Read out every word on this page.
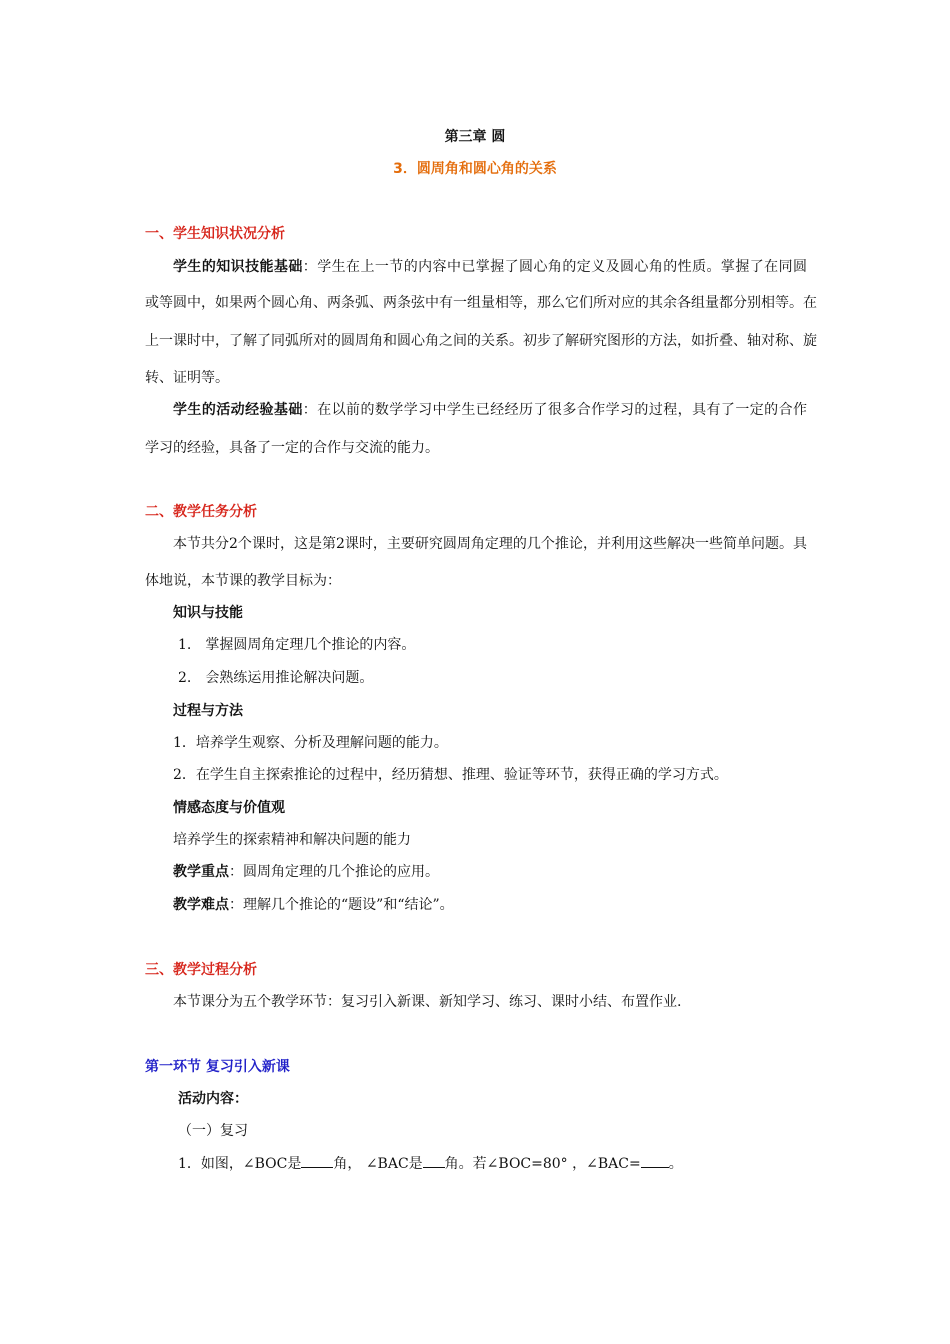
第三章 圆
3．圆周角和圆心角的关系
一、学生知识状况分析
学生的知识技能基础：学生在上一节的内容中已掌握了圆心角的定义及圆心角的性质。掌握了在同圆
或等圆中，如果两个圆心角、两条弧、两条弦中有一组量相等，那么它们所对应的其余各组量都分别相等。在
上一课时中，了解了同弧所对的圆周角和圆心角之间的关系。初步了解研究图形的方法，如折叠、轴对称、旋
转、证明等。
学生的活动经验基础：在以前的数学学习中学生已经经历了很多合作学习的过程，具有了一定的合作
学习的经验，具备了一定的合作与交流的能力。
二、教学任务分析
本节共分2个课时，这是第2课时，主要研究圆周角定理的几个推论，并利用这些解决一些简单问题。具
体地说，本节课的教学目标为：
知识与技能
1.　掌握圆周角定理几个推论的内容。
2.　会熟练运用推论解决问题。
过程与方法
1．培养学生观察、分析及理解问题的能力。
2．在学生自主探索推论的过程中，经历猜想、推理、验证等环节，获得正确的学习方式。
情感态度与价值观
培养学生的探索精神和解决问题的能力
教学重点：圆周角定理的几个推论的应用。
教学难点：理解几个推论的“题设”和“结论”。
三、教学过程分析
本节课分为五个教学环节：复习引入新课、新知学习、练习、课时小结、布置作业.
第一环节 复习引入新课
活动内容：
（一）复习
1．如图，∠BOC是 角， ∠BAC是 角。若∠BOC=80° ，∠BAC= 。
